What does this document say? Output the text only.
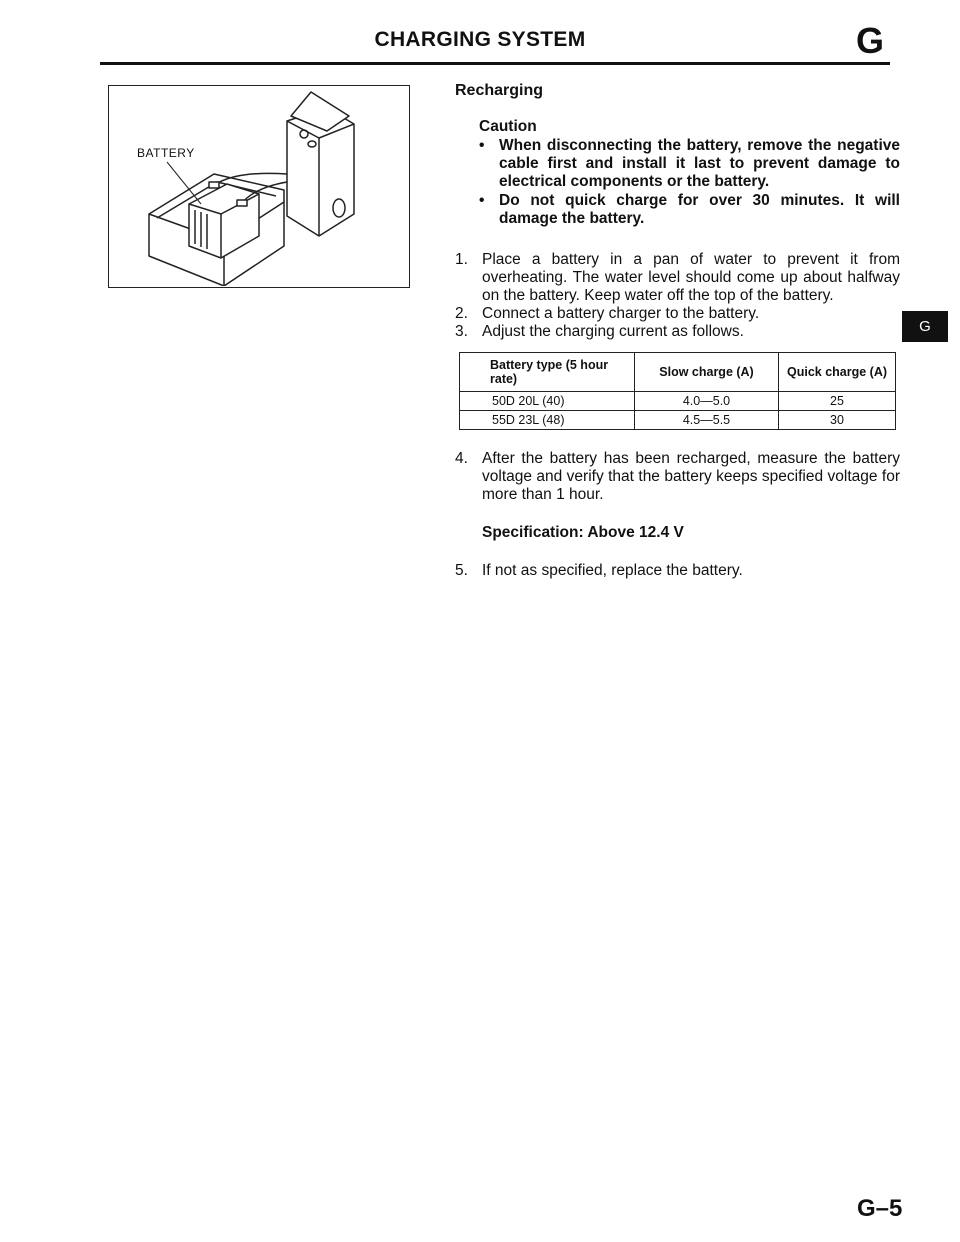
CHARGING SYSTEM	G
BATTERY
Recharging
Caution
• When disconnecting the battery, remove the negative cable first and install it last to prevent damage to electrical components or the battery.
• Do not quick charge for over 30 minutes. It will damage the battery.
1. Place a battery in a pan of water to prevent it from overheating. The water level should come up about halfway on the battery. Keep water off the top of the battery.
2. Connect a battery charger to the battery.
3. Adjust the charging current as follows.
Battery type (5 hour rate)	Slow charge (A)	Quick charge (A)
50D 20L (40)	4.0—5.0	25
55D 23L (48)	4.5—5.5	30
4. After the battery has been recharged, measure the battery voltage and verify that the battery keeps specified voltage for more than 1 hour.
Specification: Above 12.4 V
5. If not as specified, replace the battery.
G
G–5
